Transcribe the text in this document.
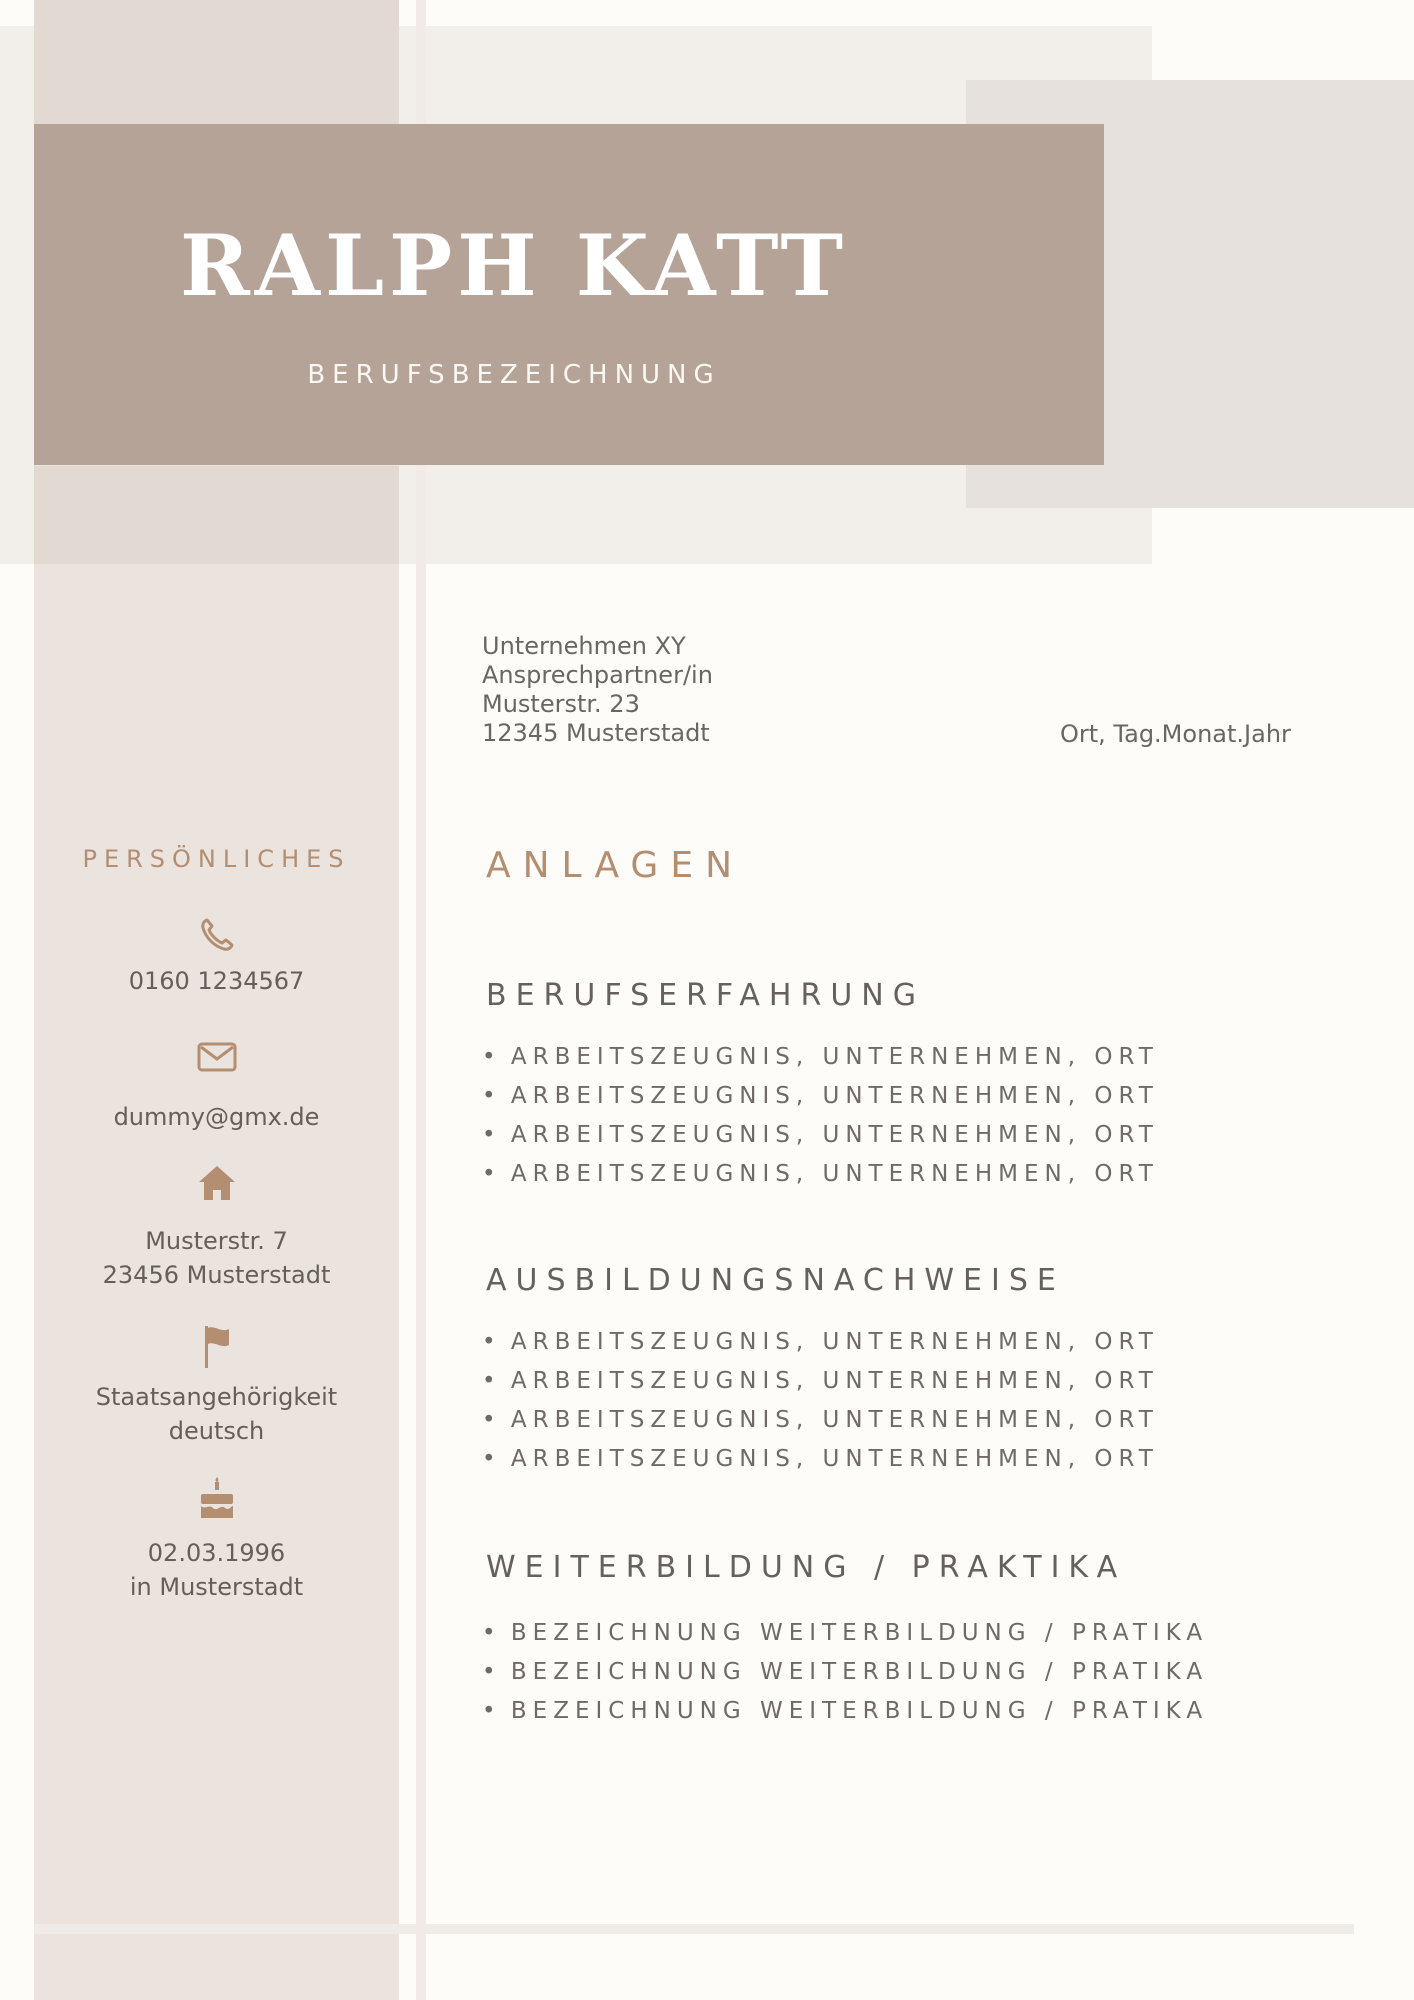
RALPH KATT
BERUFSBEZEICHNUNG
Unternehmen XY
Ansprechpartner/in
Musterstr. 23
12345 Musterstadt	Ort, Tag.Monat.Jahr
PERSÖNLICHES
0160 1234567
dummy@gmx.de
Musterstr. 7
23456 Musterstadt
Staatsangehörigkeit
deutsch
02.03.1996
in Musterstadt
ANLAGEN
BERUFSERFAHRUNG
• ARBEITSZEUGNIS, UNTERNEHMEN, ORT
• ARBEITSZEUGNIS, UNTERNEHMEN, ORT
• ARBEITSZEUGNIS, UNTERNEHMEN, ORT
• ARBEITSZEUGNIS, UNTERNEHMEN, ORT
AUSBILDUNGSNACHWEISE
• ARBEITSZEUGNIS, UNTERNEHMEN, ORT
• ARBEITSZEUGNIS, UNTERNEHMEN, ORT
• ARBEITSZEUGNIS, UNTERNEHMEN, ORT
• ARBEITSZEUGNIS, UNTERNEHMEN, ORT
WEITERBILDUNG / PRAKTIKA
• BEZEICHNUNG WEITERBILDUNG / PRATIKA
• BEZEICHNUNG WEITERBILDUNG / PRATIKA
• BEZEICHNUNG WEITERBILDUNG / PRATIKA
